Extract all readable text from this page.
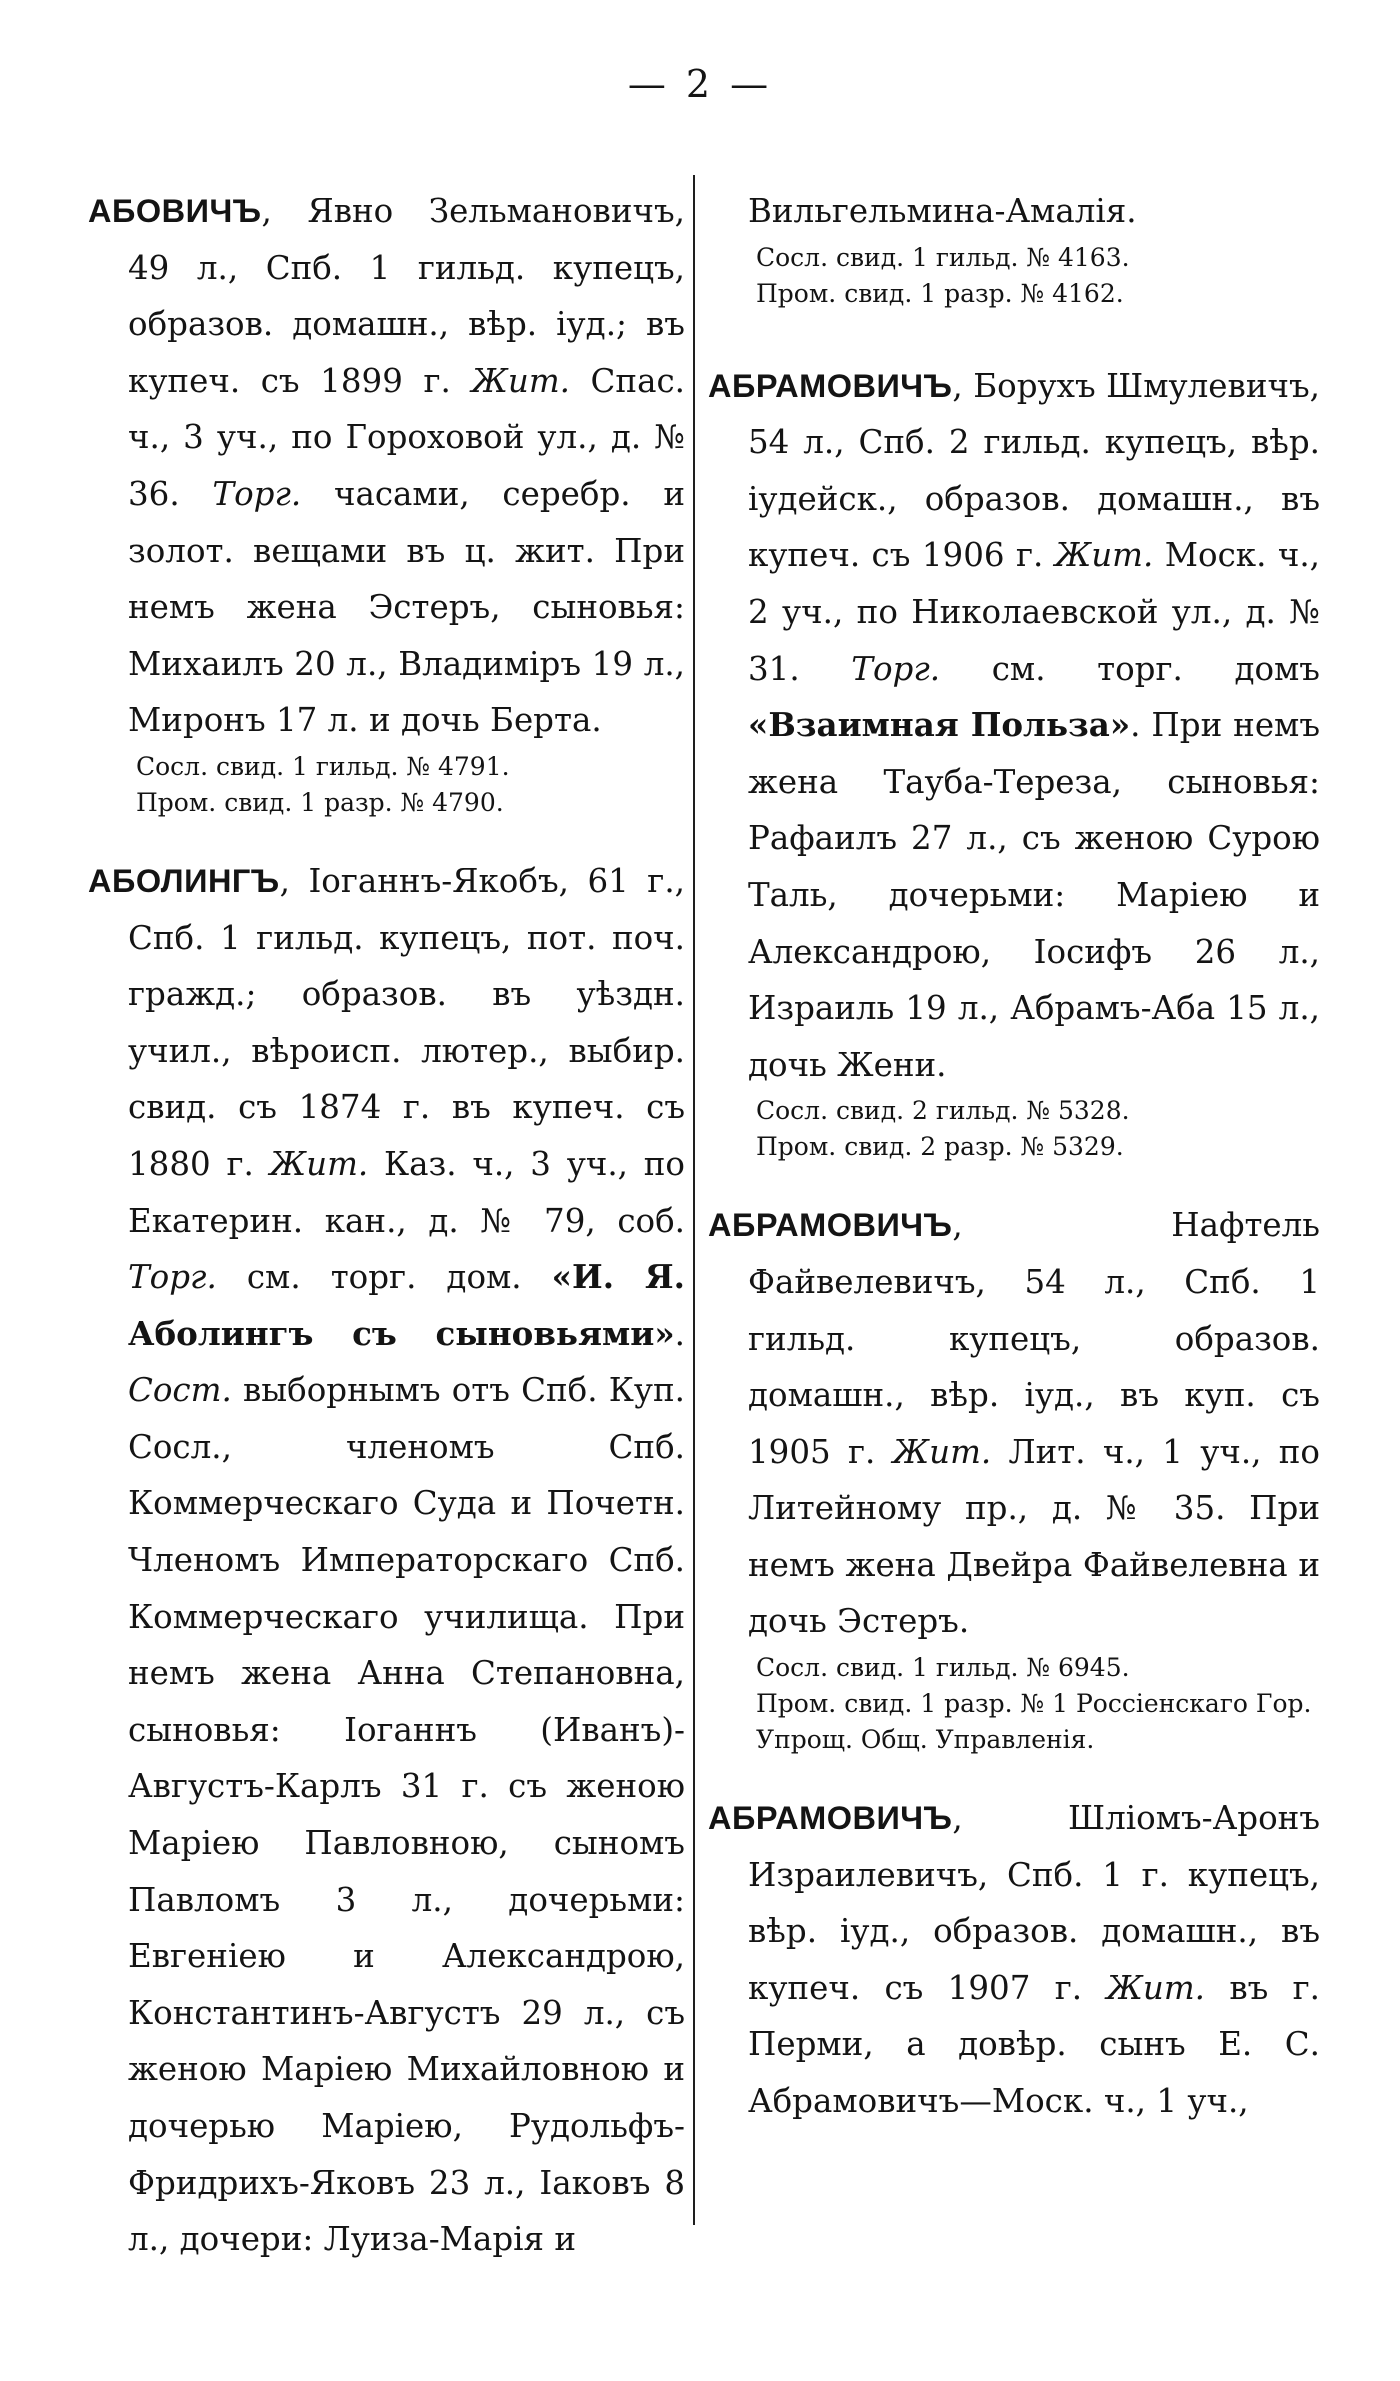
— 2 —

АБОВИЧЪ, Явно Зельмановичъ, 49 л., Спб. 1 гильд. купецъ, образов. домашн., вѣр. iуд.; въ купеч. съ 1899 г. Жит. Спас. ч., 3 уч., по Гороховой ул., д. № 36. Торг. часами, серебр. и золот. вещами въ ц. жит. При немъ жена Эстеръ, сыновья: Михаилъ 20 л., Владимiръ 19 л., Миронъ 17 л. и дочь Берта.

Сосл. свид. 1 гильд. № 4791.

Пром. свид. 1 разр. № 4790.

АБОЛИНГЪ, Iоганнъ-Якобъ, 61 г., Спб. 1 гильд. купецъ, пот. поч. гражд.; образов. въ уѣздн. учил., вѣроисп. лютер., выбир. свид. съ 1874 г. въ купеч. съ 1880 г. Жит. Каз. ч., 3 уч., по Екатерин. кан., д. № 79, соб. Торг. см. торг. дом. «И. Я. Аболингъ съ сыновьями». Сост. выборнымъ отъ Спб. Куп. Сосл., членомъ Спб. Коммерческаго Суда и Почетн. Членомъ Императорскаго Спб. Коммерческаго училища. При немъ жена Анна Степановна, сыновья: Iоганнъ (Иванъ)-Августъ-Карлъ 31 г. съ женою Марiею Павловною, сыномъ Павломъ 3 л., дочерьми: Евгенiею и Александрою, Константинъ-Августъ 29 л., съ женою Марiею Михайловною и дочерью Марiею, Рудольфъ-Фридрихъ-Яковъ 23 л., Iаковъ 8 л., дочери: Луиза-Марiя и

Вильгельмина-Амалiя.

Сосл. свид. 1 гильд. № 4163.

Пром. свид. 1 разр. № 4162.

АБРАМОВИЧЪ, Борухъ Шмулевичъ, 54 л., Спб. 2 гильд. купецъ, вѣр. iудейск., образов. домашн., въ купеч. съ 1906 г. Жит. Моск. ч., 2 уч., по Николаевской ул., д. № 31. Торг. см. торг. домъ «Взаимная Польза». При немъ жена Тауба-Тереза, сыновья: Рафаилъ 27 л., съ женою Сурою Таль, дочерьми: Марiею и Александрою, Iосифъ 26 л., Израиль 19 л., Абрамъ-Аба 15 л., дочь Жени.

Сосл. свид. 2 гильд. № 5328.

Пром. свид. 2 разр. № 5329.

АБРАМОВИЧЪ, Нафтель Файвелевичъ, 54 л., Спб. 1 гильд. купецъ, образов. домашн., вѣр. iуд., въ куп. съ 1905 г. Жит. Лит. ч., 1 уч., по Литейному пр., д. № 35. При немъ жена Двейра Файвелевна и дочь Эстеръ.

Сосл. свид. 1 гильд. № 6945.

Пром. свид. 1 разр. № 1 Россiенскаго Гор. Упрощ. Общ. Управленiя.

АБРАМОВИЧЪ, Шлiомъ-Аронъ Израилевичъ, Спб. 1 г. купецъ, вѣр. iуд., образов. домашн., въ купеч. съ 1907 г. Жит. въ г. Перми, а довѣр. сынъ Е. С. Абрамовичъ—Моск. ч., 1 уч.,
